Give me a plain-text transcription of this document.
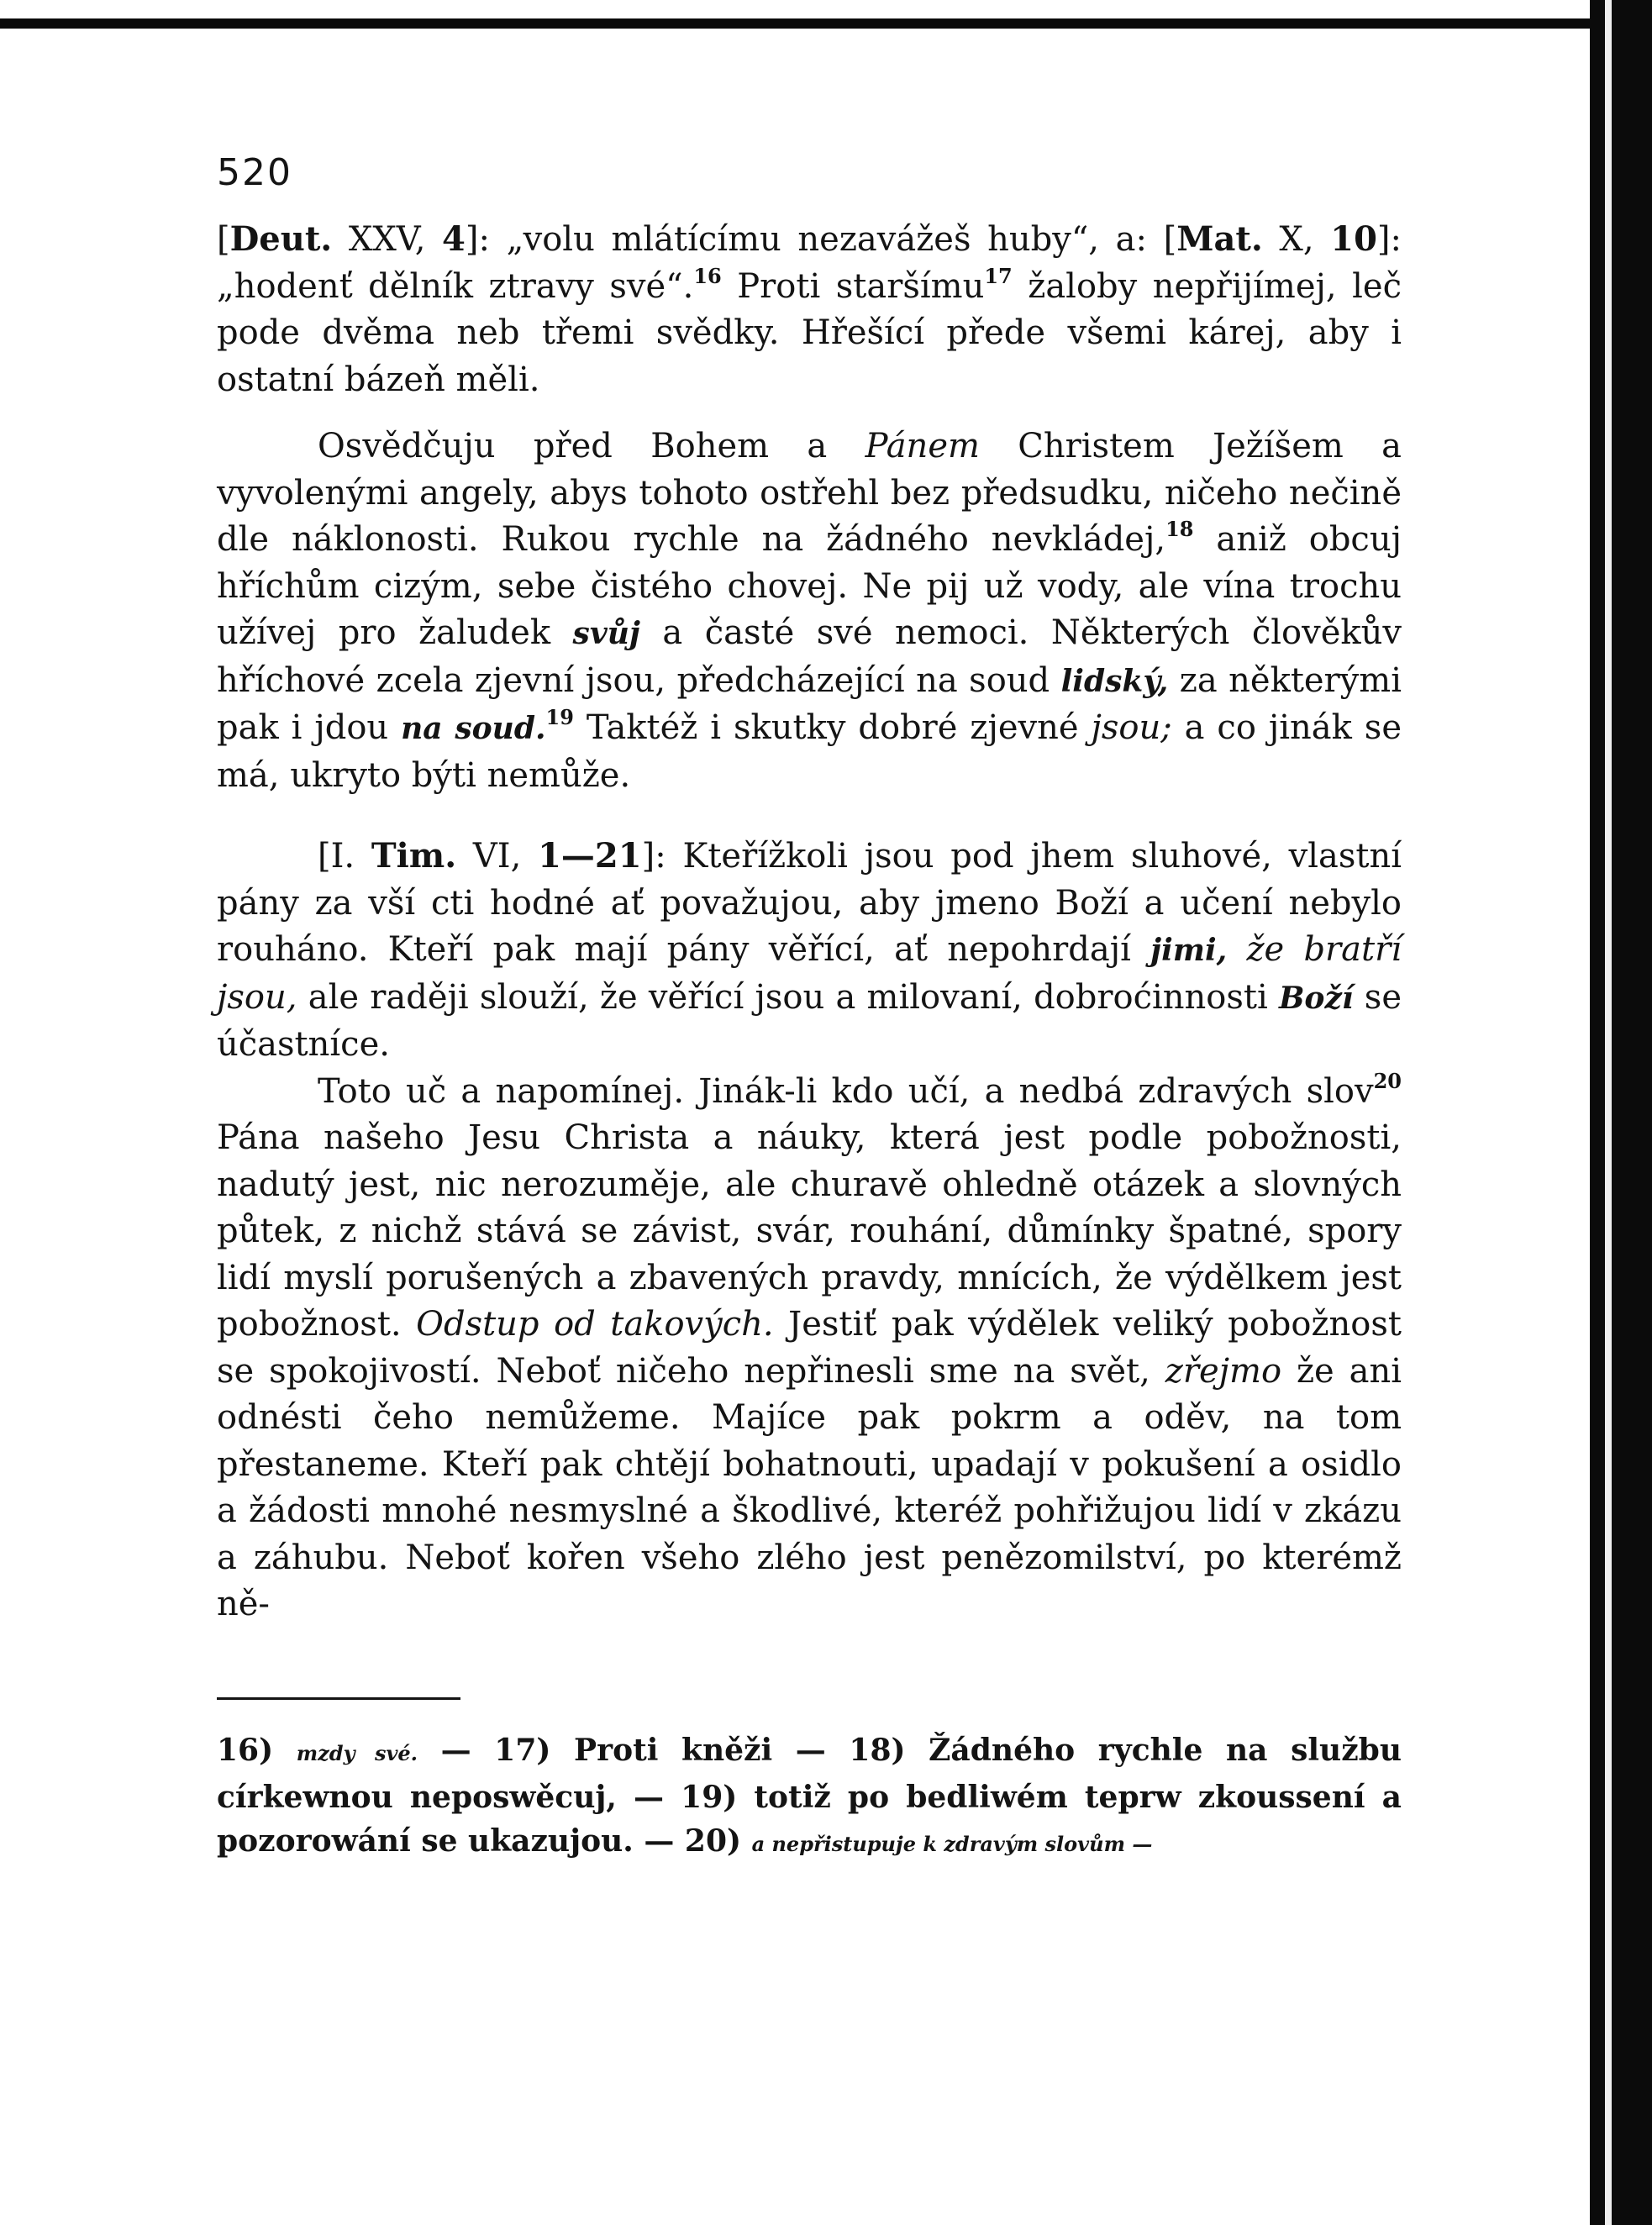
520

[Deut. XXV, 4]: „volu mlátícímu nezavážeš huby“, a: [Mat. X, 10]: „hodenť dělník ztravy své“.$^{16}$ Proti staršímu$^{17}$ žaloby nepřijímej, leč pode dvěma neb třemi svědky. Hřešící přede všemi kárej, aby i ostatní bázeň měli.

Osvědčuju před Bohem a Pánem Christem Ježíšem a vyvolenými angely, abys tohoto ostřehl bez předsudku, ničeho nečině dle náklonosti. Rukou rychle na žádného nevkládej,$^{18}$ aniž obcuj hříchům cizým, sebe čistého chovej. Ne pij už vody, ale vína trochu užívej pro žaludek svůj a časté své nemoci. Některých člověkův hříchové zcela zjevní jsou, předcházející na soud lidský, za některými pak i jdou na soud.$^{19}$ Taktéž i skutky dobré zjevné jsou; a co jinák se má, ukryto býti nemůže.

[I. Tim. VI, 1—21]: Kteřížkoli jsou pod jhem sluhové, vlastní pány za vší cti hodné ať považujou, aby jmeno Boží a učení nebylo rouháno. Kteří pak mají pány věřící, ať nepohrdají jimi, že bratří jsou, ale raději slouží, že věřící jsou a milovaní, dobroćinnosti Boží se účastníce.

Toto uč a napomínej. Jinák-li kdo učí, a nedbá zdravých slov$^{20}$ Pána našeho Jesu Christa a náuky, která jest podle pobožnosti, nadutý jest, nic nerozuměje, ale churavě ohledně otázek a slovných půtek, z nichž stává se závist, svár, rouhání, důmínky špatné, spory lidí myslí porušených a zbavených pravdy, mnících, že výdělkem jest pobožnost. Odstup od takových. Jestiť pak výdělek veliký pobožnost se spokojivostí. Neboť ničeho nepřinesli sme na svět, zřejmo že ani odnésti čeho nemůžeme. Majíce pak pokrm a oděv, na tom přestaneme. Kteří pak chtějí bohatnouti, upadají v pokušení a osidlo a žádosti mnohé nesmyslné a škodlivé, kteréž pohřižujou lidí v zkázu a záhubu. Neboť kořen všeho zlého jest penězomilství, po kterémž ně-

16) mzdy své. — 17) Proti kněži — 18) Žádného rychle na službu církewnou neposwěcuj, — 19) totiž po bedliwém teprw zkoussení a pozorowání se ukazujou. — 20) a nepřistupuje k zdravým slovům —
